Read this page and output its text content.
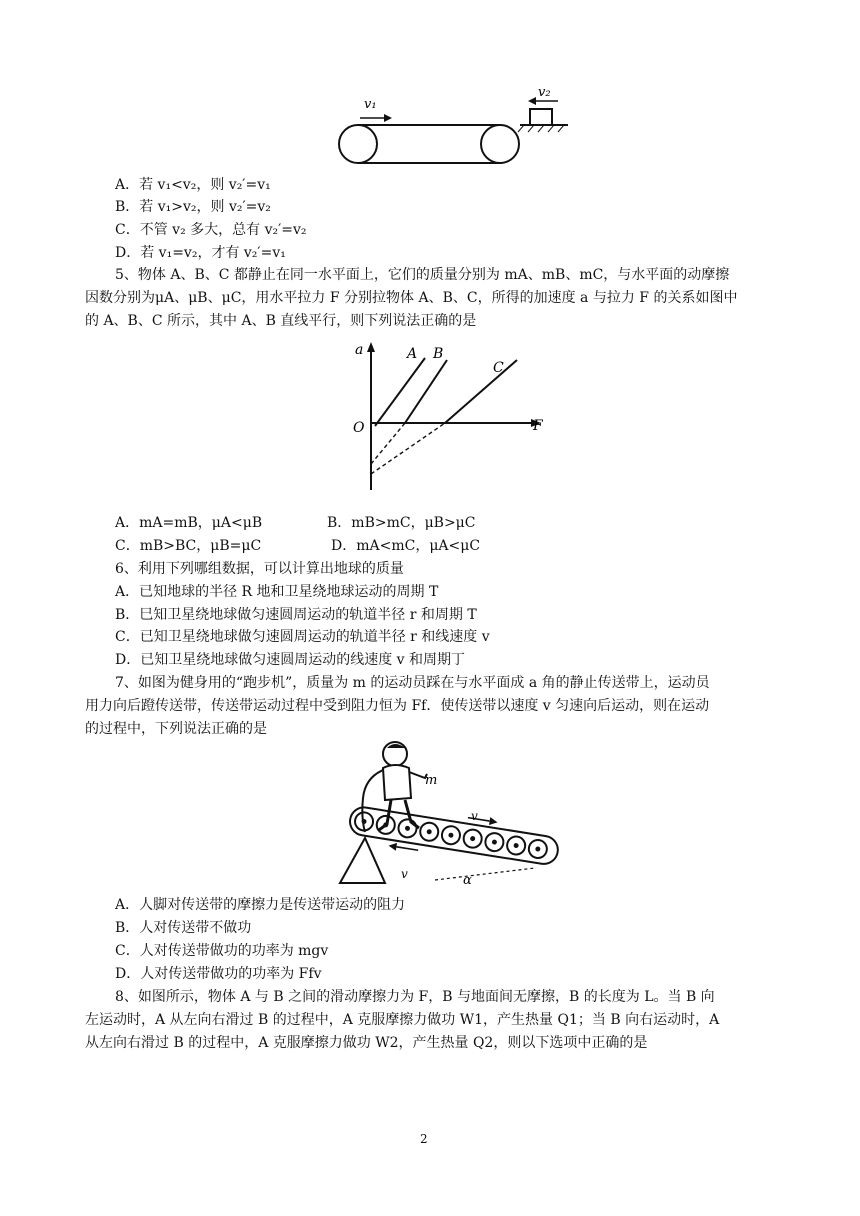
v₁
v₂
A．若 v₁<v₂，则 v₂′=v₁
B．若 v₁>v₂，则 v₂′=v₂
C．不管 v₂ 多大，总有 v₂′=v₂
D．若 v₁=v₂，才有 v₂′=v₁
5、物体 A、B、C 都静止在同一水平面上，它们的质量分别为 mA、mB、mC，与水平面的动摩擦
因数分别为μA、μB、μC，用水平拉力 F 分别拉物体 A、B、C，所得的加速度 a 与拉力 F 的关系如图中
的 A、B、C 所示，其中 A、B 直线平行，则下列说法正确的是
a
F
O
A B
C
A．mA=mB，μA<μB	B．mB>mC，μB>μC
C．mB>BC，μB=μC	D．mA<mC，μA<μC
6、利用下列哪组数据，可以计算出地球的质量
A．已知地球的半径 R 地和卫星绕地球运动的周期 T
B．巳知卫星绕地球做匀速圆周运动的轨道半径 r 和周期 T
C．已知卫星绕地球做匀速圆周运动的轨道半径 r 和线速度 v
D．已知卫星绕地球做匀速圆周运动的线速度 v 和周期丁
7、如图为健身用的“跑步机”，质量为 m 的运动员踩在与水平面成 a 角的静止传送带上，运动员
用力向后蹬传送带，传送带运动过程中受到阻力恒为 Ff．使传送带以速度 v 匀速向后运动，则在运动
的过程中，下列说法正确的是
v
v	α
m
A．人脚对传送带的摩擦力是传送带运动的阻力
B．人对传送带不做功
C．人对传送带做功的功率为 mgv
D．人对传送带做功的功率为 Ffv
8、如图所示，物体 A 与 B 之间的滑动摩擦力为 F，B 与地面间无摩擦，B 的长度为 L。当 B 向
左运动时，A 从左向右滑过 B 的过程中，A 克服摩擦力做功 W1，产生热量 Q1；当 B 向右运动时，A
从左向右滑过 B 的过程中，A 克服摩擦力做功 W2，产生热量 Q2，则以下选项中正确的是
2
